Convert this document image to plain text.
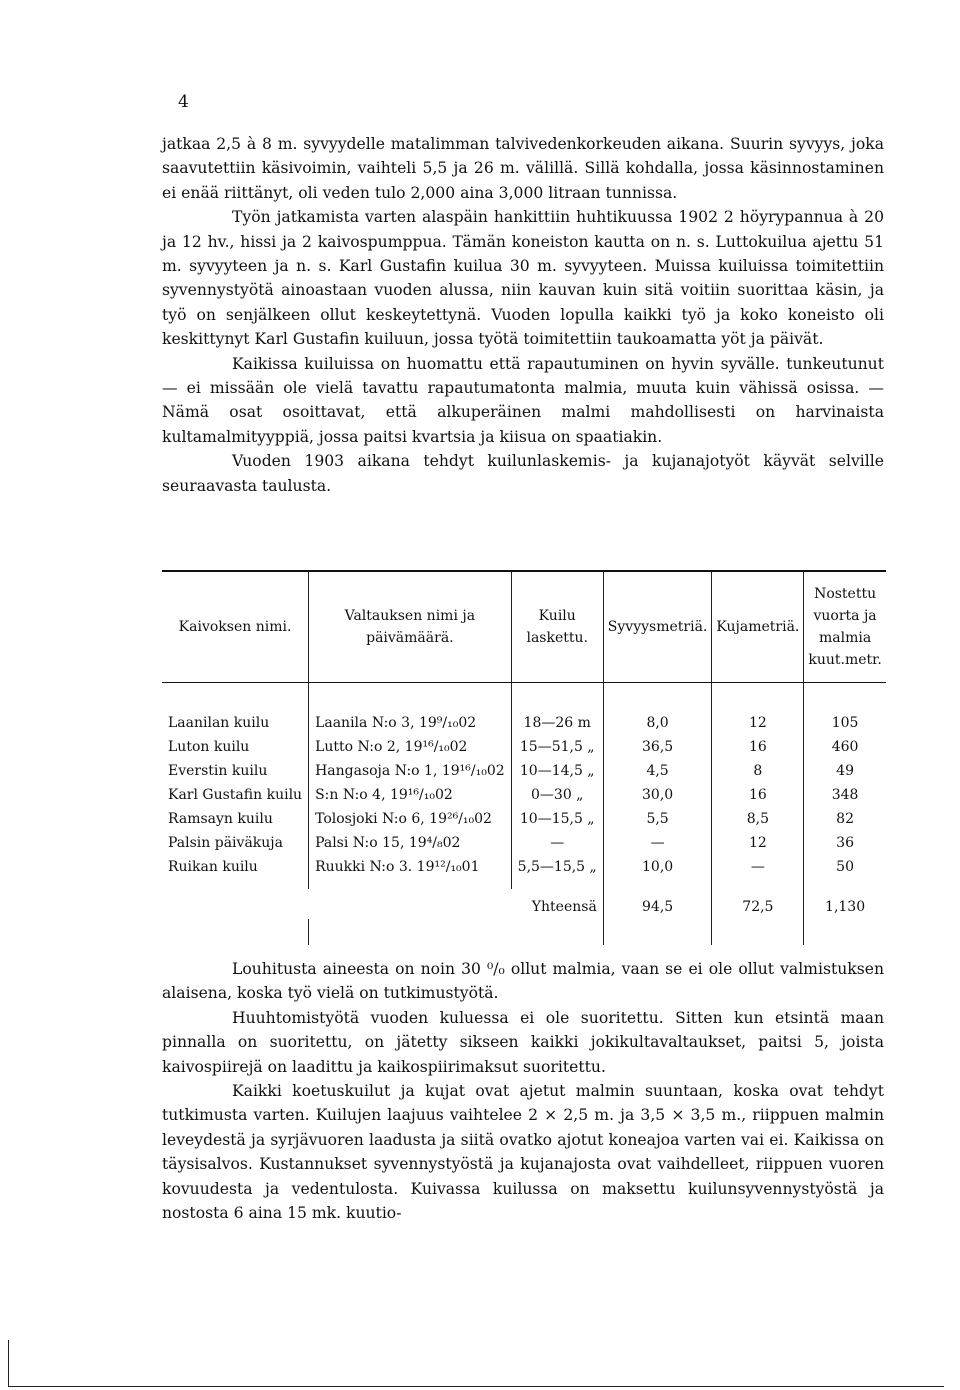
4

jatkaa 2,5 à 8 m. syvyydelle matalimman talvivedenkorkeuden aikana. Suurin syvyys, joka saavutettiin käsivoimin, vaihteli 5,5 ja 26 m. välillä. Sillä kohdalla, jossa käsinnostaminen ei enää riittänyt, oli veden tulo 2,000 aina 3,000 litraan tunnissa.

Työn jatkamista varten alaspäin hankittiin huhtikuussa 1902 2 höyrypannua à 20 ja 12 hv., hissi ja 2 kaivospumppua. Tämän koneiston kautta on n. s. Luttokuilua ajettu 51 m. syvyyteen ja n. s. Karl Gustafin kuilua 30 m. syvyyteen. Muissa kuiluissa toimitettiin syvennystyötä ainoastaan vuoden alussa, niin kauvan kuin sitä voitiin suorittaa käsin, ja työ on senjälkeen ollut keskeytettynä. Vuoden lopulla kaikki työ ja koko koneisto oli keskittynyt Karl Gustafin kuiluun, jossa työtä toimitettiin taukoamatta yöt ja päivät.

Kaikissa kuiluissa on huomattu että rapautuminen on hyvin syvälle. tunkeutunut — ei missään ole vielä tavattu rapautumatonta malmia, muuta kuin vähissä osissa. — Nämä osat osoittavat, että alkuperäinen malmi mahdollisesti on harvinaista kultamalmityyppiä, jossa paitsi kvartsia ja kiisua on spaatiakin.

Vuoden 1903 aikana tehdyt kuilunlaskemis- ja kujanajotyöt käyvät selville seuraavasta taulusta.

Kaivoksen nimi.	Valtauksen nimi ja päivämäärä.	Kuilu laskettu.	Syvyysmetriä.	Kujametriä.	Nostettu vuorta ja malmia kuut.metr.
Laanilan kuilu	Laanila N:o 3, 19⁹/₁₀02	18—26 m	8,0	12	105
Luton kuilu	Lutto N:o 2, 19¹⁶/₁₀02	15—51,5 „	36,5	16	460
Everstin kuilu	Hangasoja N:o 1, 19¹⁶/₁₀02	10—14,5 „	4,5	8	49
Karl Gustafin kuilu	S:n N:o 4, 19¹⁶/₁₀02	0—30 „	30,0	16	348
Ramsayn kuilu	Tolosjoki N:o 6, 19²⁶/₁₀02	10—15,5 „	5,5	8,5	82
Palsin päiväkuja	Palsi N:o 15, 19⁴/₈02	—	—	12	36
Ruikan kuilu	Ruukki N:o 3. 19¹²/₁₀01	5,5—15,5 „	10,0	—	50

		Yhteensä	94,5	72,5	1,130

Louhitusta aineesta on noin 30 ⁰/₀ ollut malmia, vaan se ei ole ollut valmistuksen alaisena, koska työ vielä on tutkimustyötä.

Huuhtomistyötä vuoden kuluessa ei ole suoritettu. Sitten kun etsintä maan pinnalla on suoritettu, on jätetty sikseen kaikki jokikultavaltaukset, paitsi 5, joista kaivospiirejä on laadittu ja kaikospiirimaksut suoritettu.

Kaikki koetuskuilut ja kujat ovat ajetut malmin suuntaan, koska ovat tehdyt tutkimusta varten. Kuilujen laajuus vaihtelee 2 × 2,5 m. ja 3,5 × 3,5 m., riippuen malmin leveydestä ja syrjävuoren laadusta ja siitä ovatko ajotut koneajoa varten vai ei. Kaikissa on täysisalvos. Kustannukset syvennystyöstä ja kujanajosta ovat vaihdelleet, riippuen vuoren kovuudesta ja vedentulosta. Kuivassa kuilussa on maksettu kuilunsyvennystyöstä ja nostosta 6 aina 15 mk. kuutio-
